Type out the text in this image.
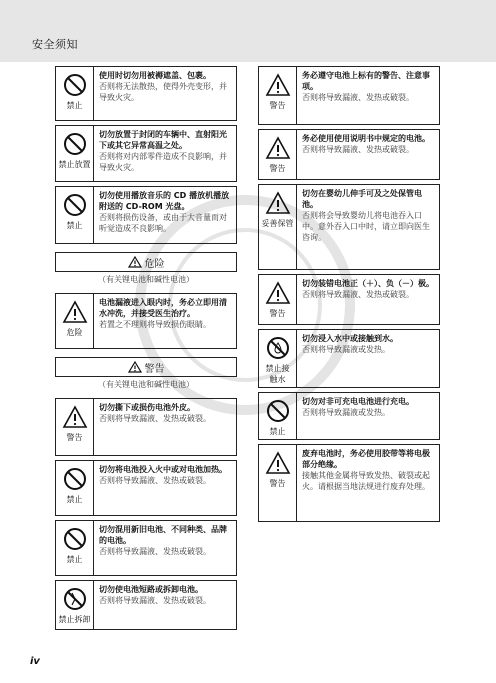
安全须知
禁止
使用时切勿用被褥遮盖、包裹。
否则将无法散热，使得外壳变形，并导致火灾。
禁止放置
切勿放置于封闭的车辆中、直射阳光下或其它异常高温之处。
否则将对内部零件造成不良影响，并导致火灾。
禁止
切勿使用播放音乐的 CD 播放机播放附送的 CD-ROM 光盘。
否则将损伤设备，或由于大音量而对听觉造成不良影响。
危险
（有关锂电池和碱性电池）
危险
电池漏液进入眼内时，务必立即用清水冲洗，并接受医生治疗。
若置之不理则将导致损伤眼睛。
警告
（有关锂电池和碱性电池）
警告
切勿撕下或损伤电池外皮。
否则将导致漏液、发热或破裂。
禁止
切勿将电池投入火中或对电池加热。
否则将导致漏液、发热或破裂。
禁止
切勿混用新旧电池、不同种类、品牌的电池。
否则将导致漏液、发热或破裂。
禁止拆卸
切勿使电池短路或拆卸电池。
否则将导致漏液、发热或破裂。
警告
务必遵守电池上标有的警告、注意事项。
否则将导致漏液、发热或破裂。
警告
务必使用使用说明书中规定的电池。
否则将导致漏液、发热或破裂。
妥善保管
切勿在婴幼儿伸手可及之处保管电池。
否则将会导致婴幼儿将电池吞入口中。意外吞入口中时，请立即向医生咨询。
警告
切勿装错电池正（＋）、负（－）极。
否则将导致漏液、发热或破裂。
禁止接触水
切勿浸入水中或接触到水。
否则将导致漏液或发热。
禁止
切勿对非可充电电池进行充电。
否则将导致漏液或发热。
警告
废弃电池时，务必使用胶带等将电极部分绝缘。
接触其他金属将导致发热、破裂或起火。请根据当地法规进行废弃处理。
iv
